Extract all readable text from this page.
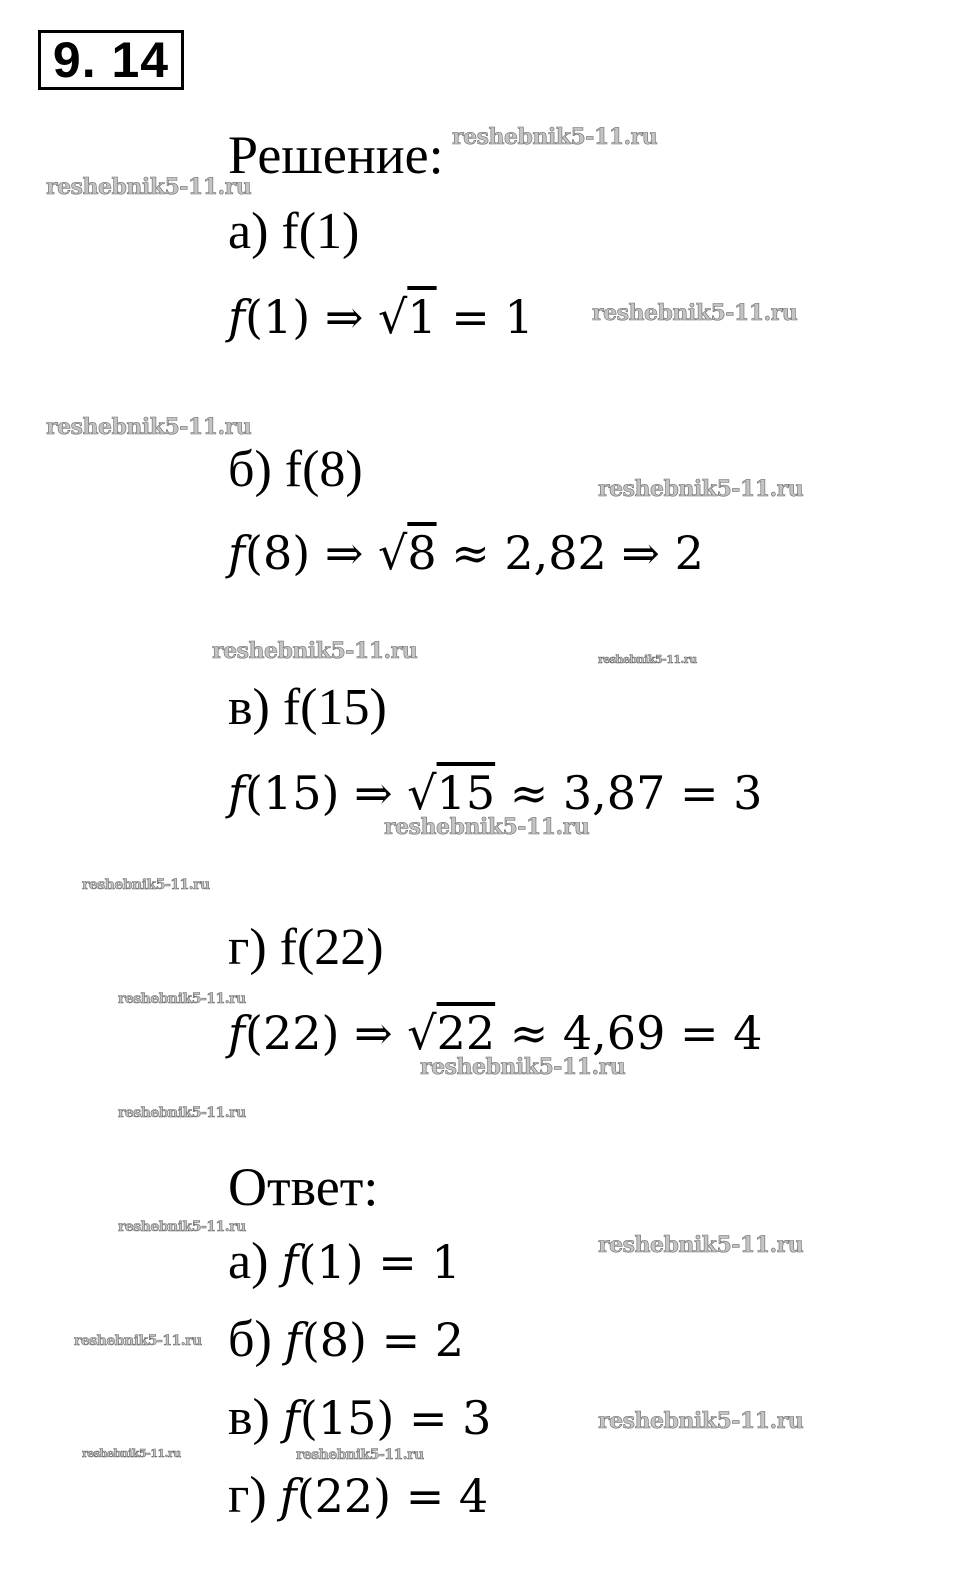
9. 14
Решение:
а) f(1)
f(1) ⇒ √1 = 1
б) f(8)
f(8) ⇒ √8 ≈ 2,82 ⇒ 2
в) f(15)
f(15) ⇒ √15 ≈ 3,87 = 3
г) f(22)
f(22) ⇒ √22 ≈ 4,69 = 4
Ответ:
а) f(1) = 1
б) f(8) = 2
в) f(15) = 3
г) f(22) = 4
reshebnik5-11.ru
reshebnik5-11.ru
reshebnik5-11.ru
reshebnik5-11.ru
reshebnik5-11.ru
reshebnik5-11.ru	reshebnik5-11.ru
reshebnik5-11.ru
reshebnik5-11.ru
reshebnik5-11.ru
reshebnik5-11.ru
reshebnik5-11.ru
reshebnik5-11.ru
reshebnik5-11.ru
reshebnik5-11.ru
reshebnik5-11.ru
reshebnik5-11.ru	reshebnik5-11.ru
